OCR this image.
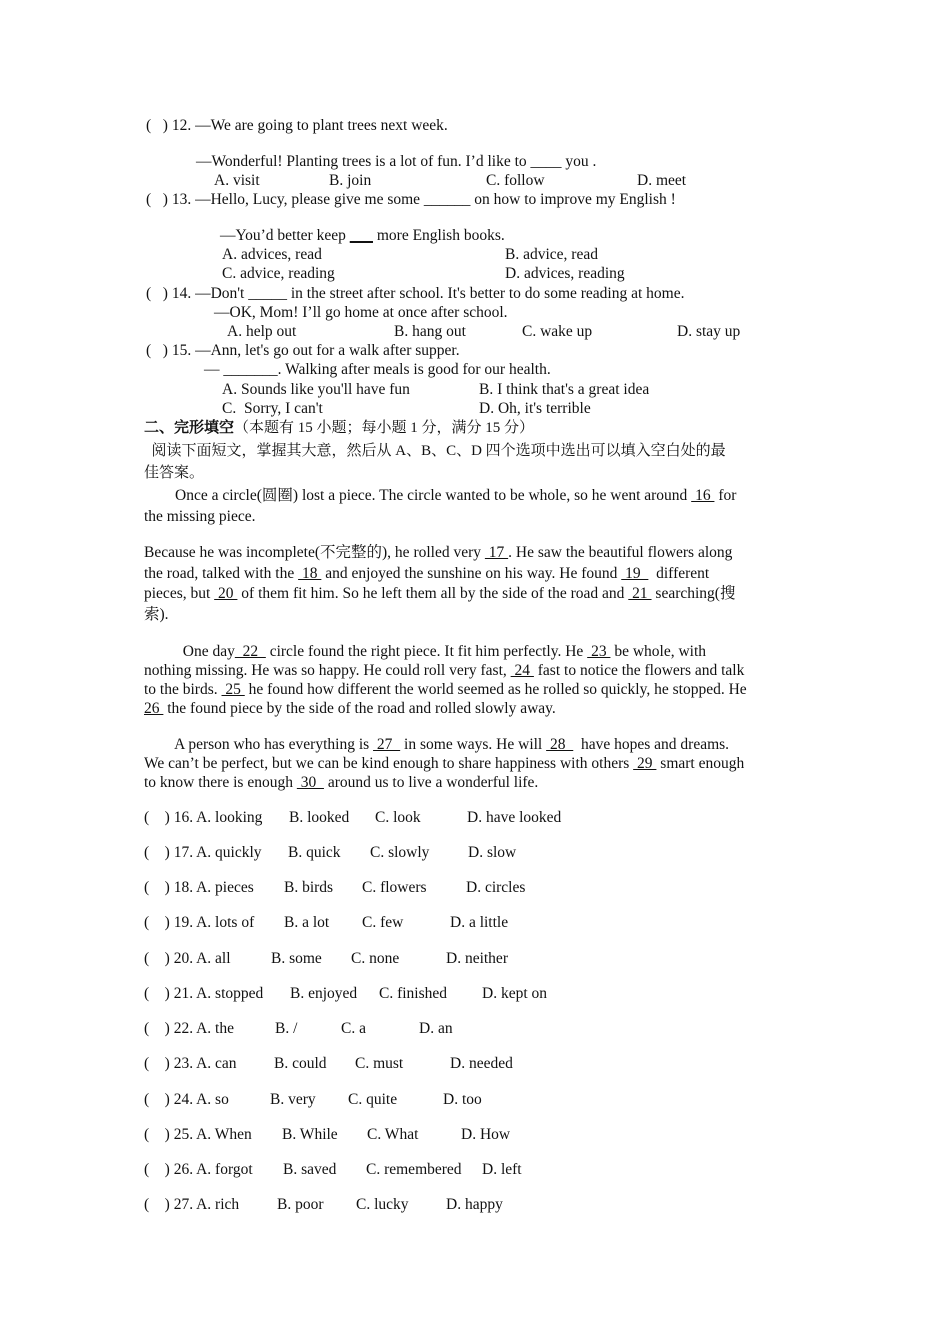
(   ) 12. —We are going to plant trees next week.
—Wonderful! Planting trees is a lot of fun. I’d like to ____ you .
A. visit	B. join	C. follow	D. meet
(   ) 13. —Hello, Lucy, please give me some ______ on how to improve my English !
—You’d better keep        more English books.
A. advices, read	B. advice, read
C. advice, reading	D. advices, reading
(   ) 14. —Don't _____ in the street after school. It's better to do some reading at home.
—OK, Mom! I’ll go home at once after school.
A. help out	B. hang out	C. wake up	D. stay up
(   ) 15. —Ann, let's go out for a walk after supper.
— _______. Walking after meals is good for our health.
A. Sounds like you'll have fun	B. I think that's a great idea
C.  Sorry, I can't	D. Oh, it's terrible
二、完形填空（本题有 15 小题；每小题 1 分，满分 15 分）
阅读下面短文，掌握其大意，然后从 A、B、C、D 四个选项中选出可以填入空白处的最
佳答案。
Once a circle(圆圈) lost a piece. The circle wanted to be whole, so he went around  16  for
the missing piece.
Because he was incomplete(不完整的), he rolled very  17 . He saw the beautiful flowers along
the road, talked with the  18  and enjoyed the sunshine on his way. He found  19    different
pieces, but  20  of them fit him. So he left them all by the side of the road and  21  searching(搜
索).
One day  22   circle found the right piece. It fit him perfectly. He  23  be whole, with
nothing missing. He was so happy. He could roll very fast,  24  fast to notice the flowers and talk
to the birds.  25  he found how different the world seemed as he rolled so quickly, he stopped. He
26  the found piece by the side of the road and rolled slowly away.
A person who has everything is  27   in some ways. He will  28    have hopes and dreams.
We can’t be perfect, but we can be kind enough to share happiness with others  29  smart enough
to know there is enough  30   around us to live a wonderful life.
(    ) 16. A. looking B. looked C. look	D. have looked
(    ) 17. A. quickly B. quick C. slowly D. slow
(    ) 18. A. pieces B. birds C. flowers	D. circles
(    ) 19. A. lots of B. a lot C. few	D. a little
(    ) 20. A. all	B. some C. none	D. neither
(    ) 21. A. stopped B. enjoyed C. finished D. kept on
(    ) 22. A. the	B. /	C. a	D. an
(    ) 23. A. can B. could C. must	D. needed
(    ) 24. A. so	B. very C. quite	D. too
(    ) 25. A. When B. While C. What	D. How
(    ) 26. A. forgot B. saved C. remembered D. left
(    ) 27. A. rich B. poor C. lucky D. happy
